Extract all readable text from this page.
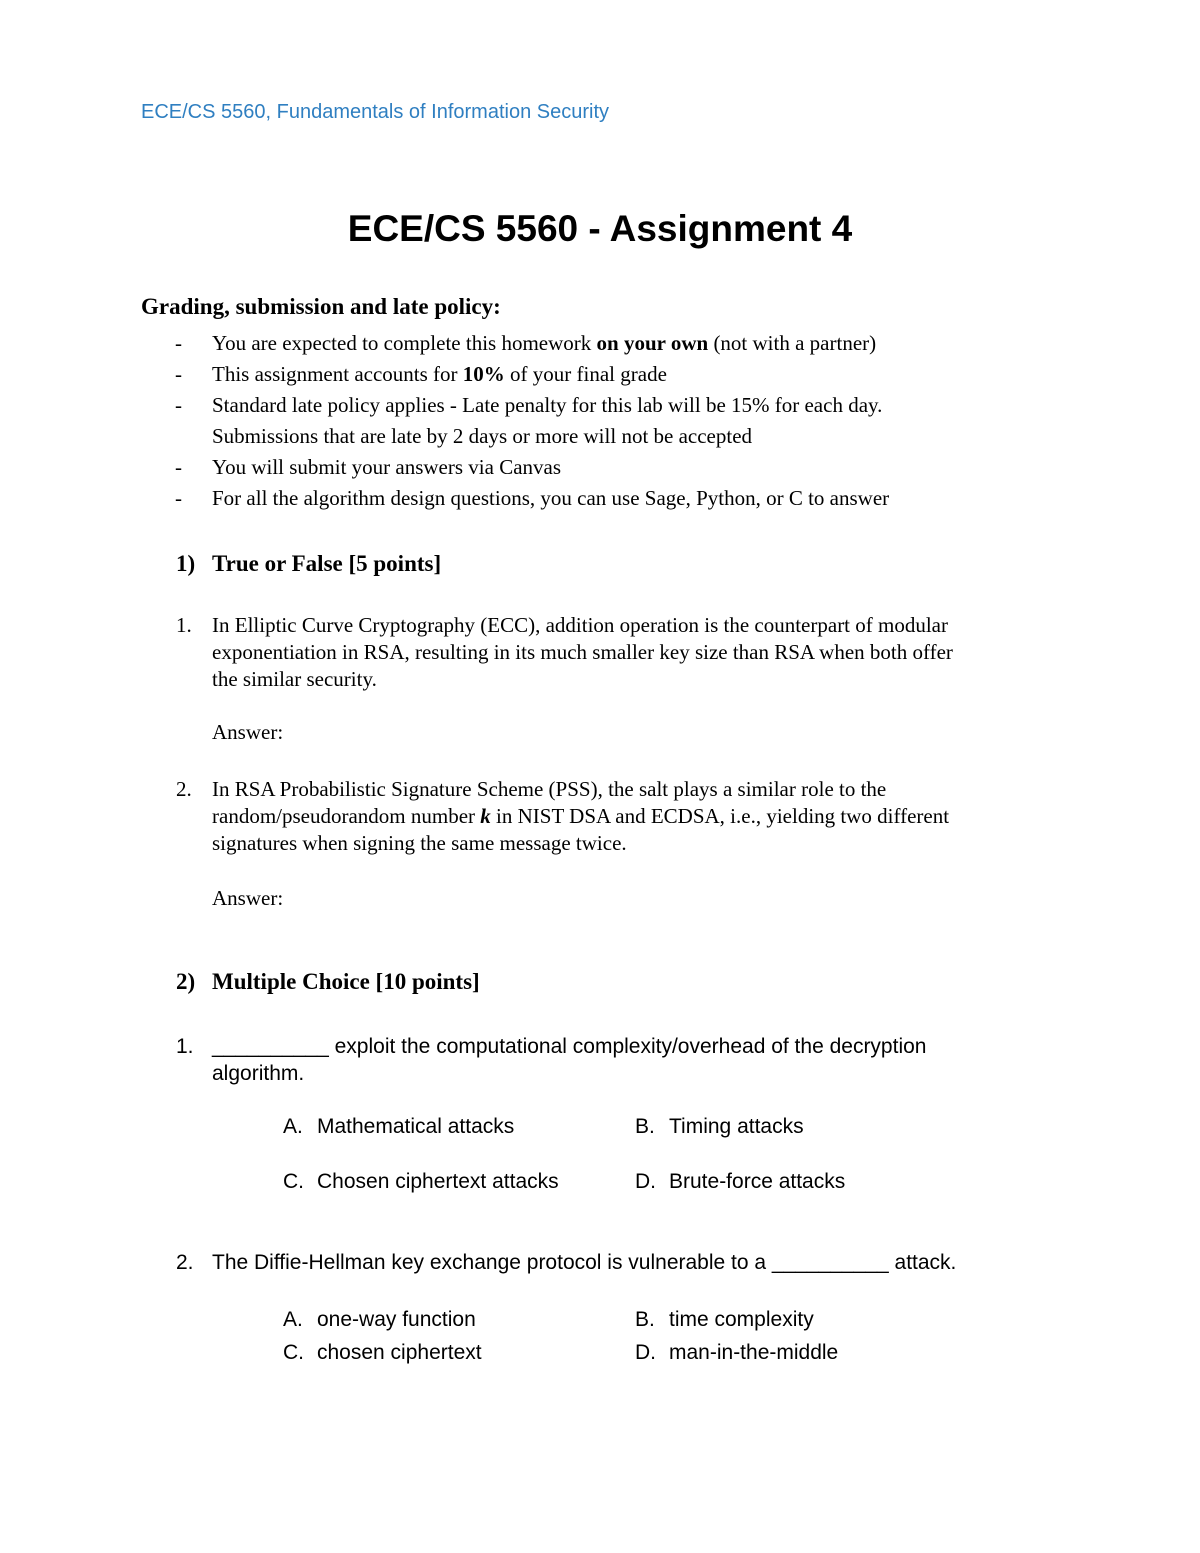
ECE/CS 5560, Fundamentals of Information Security
ECE/CS 5560 - Assignment 4
Grading, submission and late policy:
- You are expected to complete this homework on your own (not with a partner)
- This assignment accounts for 10% of your final grade
- Standard late policy applies - Late penalty for this lab will be 15% for each day.
Submissions that are late by 2 days or more will not be accepted
- You will submit your answers via Canvas
- For all the algorithm design questions, you can use Sage, Python, or C to answer
1) True or False [5 points]
1. In Elliptic Curve Cryptography (ECC), addition operation is the counterpart of modular
exponentiation in RSA, resulting in its much smaller key size than RSA when both offer
the similar security.
Answer:
2. In RSA Probabilistic Signature Scheme (PSS), the salt plays a similar role to the
random/pseudorandom number k in NIST DSA and ECDSA, i.e., yielding two different
signatures when signing the same message twice.
Answer:
2) Multiple Choice [10 points]
1. __________ exploit the computational complexity/overhead of the decryption
algorithm.
A. Mathematical attacks	B. Timing attacks
C. Chosen ciphertext attacks	D. Brute-force attacks
2. The Diffie-Hellman key exchange protocol is vulnerable to a __________ attack.
A. one-way function	B. time complexity
C. chosen ciphertext	D. man-in-the-middle
